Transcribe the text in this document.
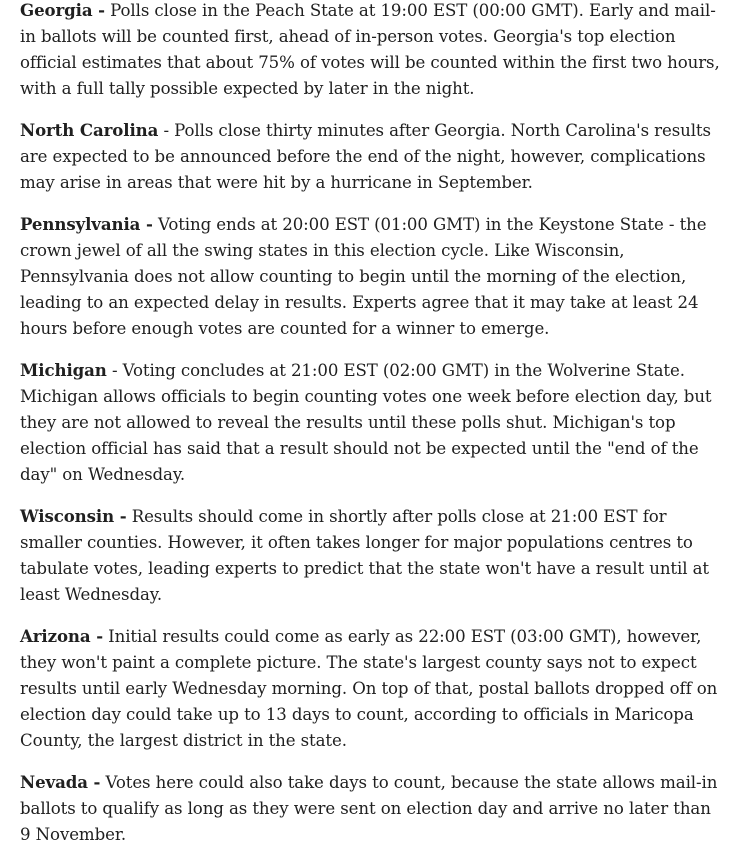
Georgia - Polls close in the Peach State at 19:00 EST (00:00 GMT). Early and mail-in ballots will be counted first, ahead of in-person votes. Georgia's top election official estimates that about 75% of votes will be counted within the first two hours, with a full tally possible expected by later in the night.

North Carolina - Polls close thirty minutes after Georgia. North Carolina's results are expected to be announced before the end of the night, however, complications may arise in areas that were hit by a hurricane in September.

Pennsylvania - Voting ends at 20:00 EST (01:00 GMT) in the Keystone State - the crown jewel of all the swing states in this election cycle. Like Wisconsin, Pennsylvania does not allow counting to begin until the morning of the election, leading to an expected delay in results. Experts agree that it may take at least 24 hours before enough votes are counted for a winner to emerge.

Michigan - Voting concludes at 21:00 EST (02:00 GMT) in the Wolverine State. Michigan allows officials to begin counting votes one week before election day, but they are not allowed to reveal the results until these polls shut. Michigan's top election official has said that a result should not be expected until the "end of the day" on Wednesday.

Wisconsin - Results should come in shortly after polls close at 21:00 EST for smaller counties. However, it often takes longer for major populations centres to tabulate votes, leading experts to predict that the state won't have a result until at least Wednesday.

Arizona - Initial results could come as early as 22:00 EST (03:00 GMT), however, they won't paint a complete picture. The state's largest county says not to expect results until early Wednesday morning. On top of that, postal ballots dropped off on election day could take up to 13 days to count, according to officials in Maricopa County, the largest district in the state.

Nevada - Votes here could also take days to count, because the state allows mail-in ballots to qualify as long as they were sent on election day and arrive no later than 9 November.
